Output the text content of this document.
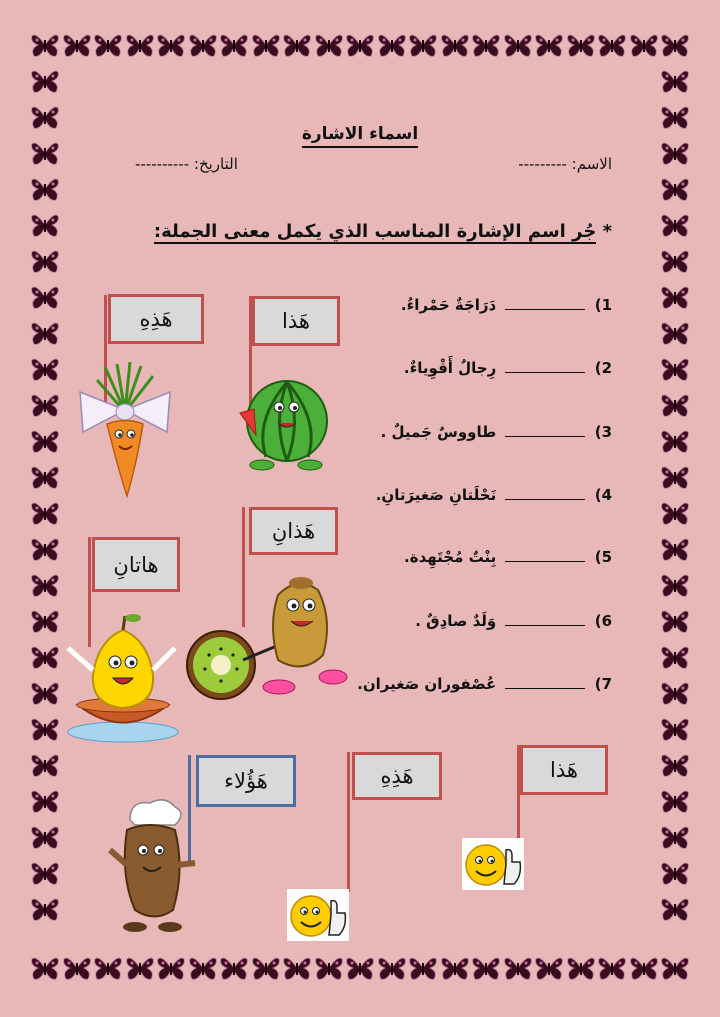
اسماء الاشارة
الاسم: ---------
التاريخ: ----------
* جُر اسم الإشارة المناسب الذي يكمل معنى الجملة:
1)  دَرَاجَةٌ حَمْراءُ.
2)  رِجالٌ أَقْوِياءٌ.
3)  طاووسٌ جَميلٌ .
4)  نَحْلَتانِ صَغيرَتانِ.
5)  بِنْتٌ مُجْتَهِدة.
6)  وَلَدٌ صادِقٌ .
7)  عُصْفوران صَغيران.
هَذِهِ	هَذا
هَذانِ
هاتانِ
هَؤُلاء	هَذِهِ	هَذا
